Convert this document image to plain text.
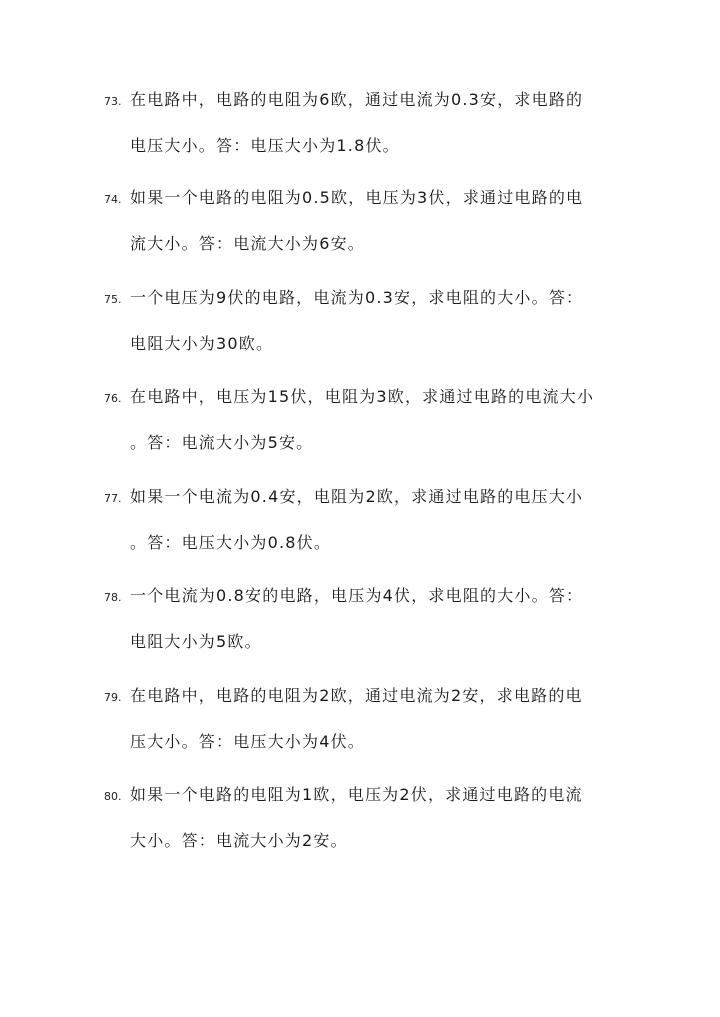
73. 在电路中，电路的电阻为6欧，通过电流为0.3安，求电路的
电压大小。答：电压大小为1.8伏。
74. 如果一个电路的电阻为0.5欧，电压为3伏，求通过电路的电
流大小。答：电流大小为6安。
75. 一个电压为9伏的电路，电流为0.3安，求电阻的大小。答：
电阻大小为30欧。
76. 在电路中，电压为15伏，电阻为3欧，求通过电路的电流大小
。答：电流大小为5安。
77. 如果一个电流为0.4安，电阻为2欧，求通过电路的电压大小
。答：电压大小为0.8伏。
78. 一个电流为0.8安的电路，电压为4伏，求电阻的大小。答：
电阻大小为5欧。
79. 在电路中，电路的电阻为2欧，通过电流为2安，求电路的电
压大小。答：电压大小为4伏。
80. 如果一个电路的电阻为1欧，电压为2伏，求通过电路的电流
大小。答：电流大小为2安。
